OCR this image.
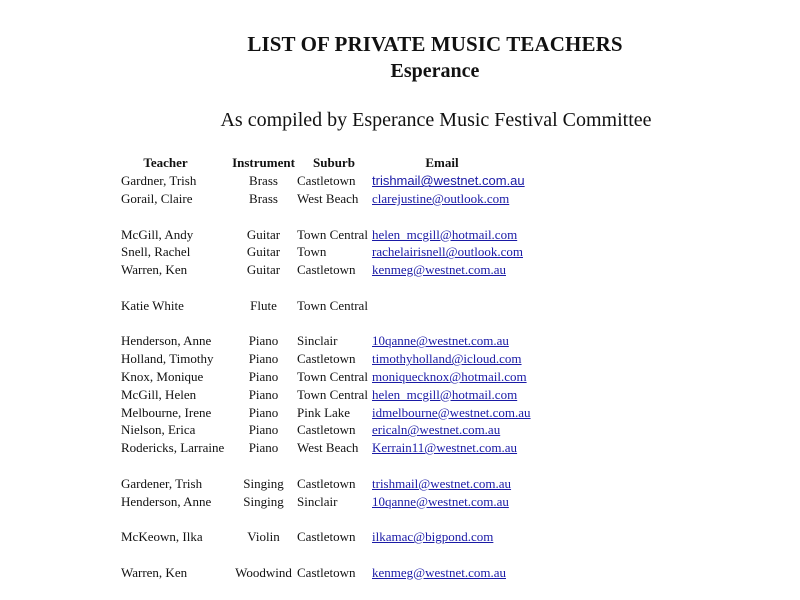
LIST OF PRIVATE MUSIC TEACHERS
Esperance
As compiled by Esperance Music Festival Committee
Teacher	Instrument	Suburb	Email
Gardner, Trish	Brass	Castletown	trishmail@westnet.com.au
Gorail, Claire	Brass	West Beach	clarejustine@outlook.com

McGill, Andy	Guitar	Town Central	helen_mcgill@hotmail.com
Snell, Rachel	Guitar	Town	rachelairisnell@outlook.com
Warren, Ken	Guitar	Castletown	kenmeg@westnet.com.au

Katie White	Flute	Town Central	

Henderson, Anne	Piano	Sinclair	10qanne@westnet.com.au
Holland, Timothy	Piano	Castletown	timothyholland@icloud.com
Knox, Monique	Piano	Town Central	moniquecknox@hotmail.com
McGill, Helen	Piano	Town Central	helen_mcgill@hotmail.com
Melbourne, Irene	Piano	Pink Lake	idmelbourne@westnet.com.au
Nielson, Erica	Piano	Castletown	ericaln@westnet.com.au
Rodericks, Larraine	Piano	West Beach	Kerrain11@westnet.com.au

Gardener, Trish	Singing	Castletown	trishmail@westnet.com.au
Henderson, Anne	Singing	Sinclair	10qanne@westnet.com.au

McKeown, Ilka	Violin	Castletown	ilkamac@bigpond.com

Warren, Ken	Woodwind	Castletown	kenmeg@westnet.com.au
